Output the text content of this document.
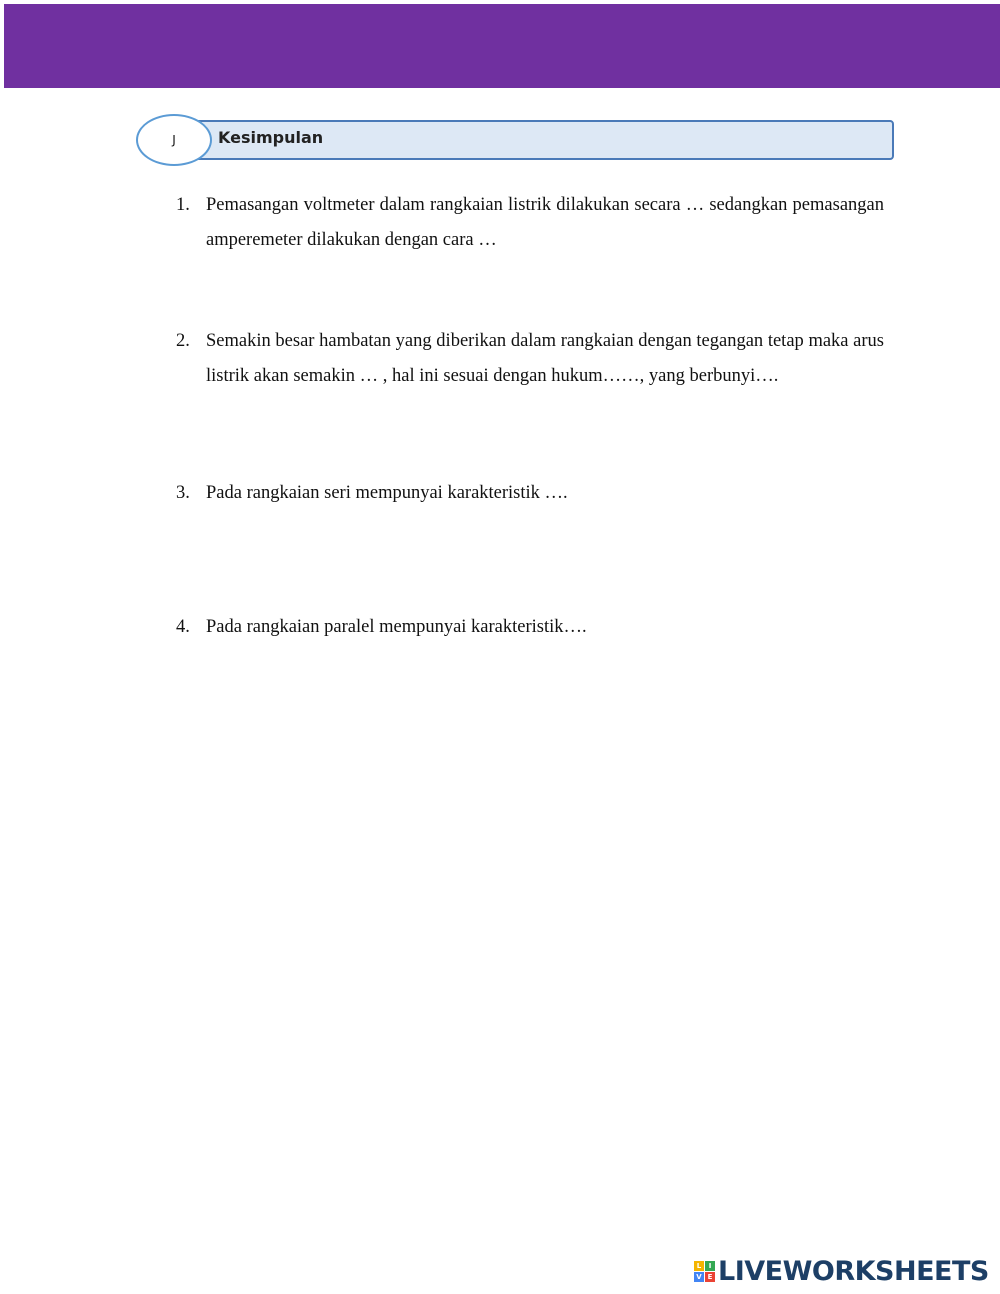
J	Kesimpulan
1. Pemasangan voltmeter dalam rangkaian listrik dilakukan secara … sedangkan pemasangan amperemeter dilakukan dengan cara …
2. Semakin besar hambatan yang diberikan dalam rangkaian dengan tegangan tetap maka arus listrik akan semakin … , hal ini sesuai dengan hukum……, yang berbunyi….
3. Pada rangkaian seri mempunyai karakteristik ….
4. Pada rangkaian paralel mempunyai karakteristik….
L	I
V E LIVEWORKSHEETS
